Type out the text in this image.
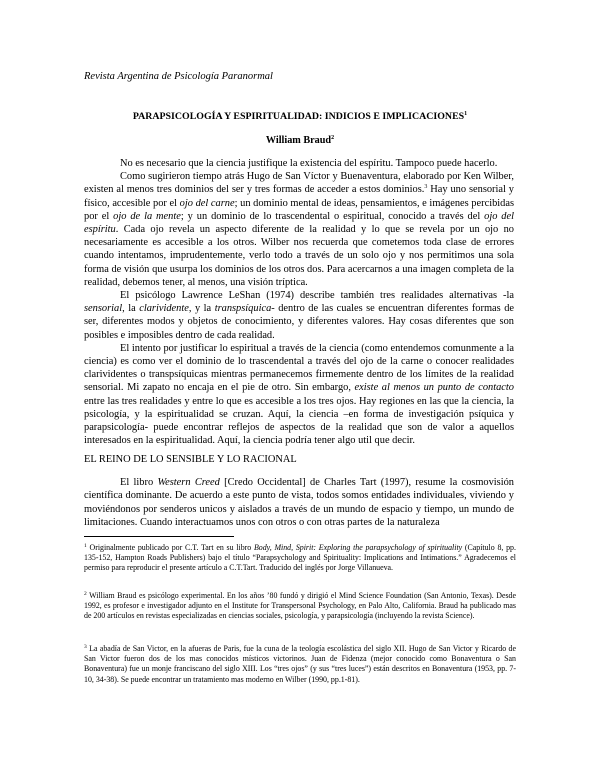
Revista Argentina de Psicología Paranormal
PARAPSICOLOGÍA Y ESPIRITUALIDAD: INDICIOS E IMPLICACIONES$^1$
William Braud$^2$

No es necesario que la ciencia justifique la existencia del espíritu. Tampoco puede hacerlo.

Como sugirieron tiempo atrás Hugo de San Víctor y Buenaventura, elaborado por Ken Wilber, existen al menos tres dominios del ser y tres formas de acceder a estos dominios.$^3$ Hay uno sensorial y físico, accesible por el ojo del carne; un dominio mental de ideas, pensamientos, e imágenes percibidas por el ojo de la mente; y un dominio de lo trascendental o espiritual, conocido a través del ojo del espíritu. Cada ojo revela un aspecto diferente de la realidad y lo que se revela por un ojo no necesariamente es accesible a los otros. Wilber nos recuerda que cometemos toda clase de errores cuando intentamos, imprudentemente, verlo todo a través de un solo ojo y nos permitimos una sola forma de visión que usurpa los dominios de los otros dos. Para acercarnos a una imagen completa de la realidad, debemos tener, al menos, una visión tríptica.

El psicólogo Lawrence LeShan (1974) describe también tres realidades alternativas -la sensorial, la clarividente, y la transpsíquica- dentro de las cuales se encuentran diferentes formas de ser, diferentes modos y objetos de conocimiento, y diferentes valores. Hay cosas diferentes que son posibles e imposibles dentro de cada realidad.

El intento por justificar lo espiritual a través de la ciencia (como entendemos comunmente a la ciencia) es como ver el dominio de lo trascendental a través del ojo de la carne o conocer realidades clarividentes o transpsíquicas mientras permanecemos firmemente dentro de los límites de la realidad sensorial. Mi zapato no encaja en el pie de otro. Sin embargo, existe al menos un punto de contacto entre las tres realidades y entre lo que es accesible a los tres ojos. Hay regiones en las que la ciencia, la psicología, y la espiritualidad se cruzan. Aquí, la ciencia –en forma de investigación psíquica y parapsicología- puede encontrar reflejos de aspectos de la realidad que son de valor a aquellos interesados en la espiritualidad. Aquí, la ciencia podría tener algo util que decir.

EL REINO DE LO SENSIBLE Y LO RACIONAL

El libro Western Creed [Credo Occidental] de Charles Tart (1997), resume la cosmovisión científica dominante. De acuerdo a este punto de vista, todos somos entidades individuales, viviendo y moviéndonos por senderos unicos y aislados a través de un mundo de espacio y tiempo, un mundo de limitaciones. Cuando interactuamos unos con otros o con otras partes de la naturaleza

$^1$ Originalmente publicado por C.T. Tart en su libro Body, Mind, Spirit: Exploring the parapsychology of spirituality (Capítulo 8, pp. 135-152, Hampton Roads Publishers) bajo el título “Parapsychology and Spirituality: Implications and Intimations.” Agradecemos el permiso para reproducir el presente artículo a C.T.Tart. Traducido del inglés por Jorge Villanueva.
$^2$ William Braud es psicólogo experimental. En los años ’80 fundó y dirigió el Mind Science Foundation (San Antonio, Texas). Desde 1992, es profesor e investigador adjunto en el Institute for Transpersonal Psychology, en Palo Alto, California. Braud ha publicado mas de 200 artículos en revistas especializadas en ciencias sociales, psicología, y parapsicología (incluyendo la revista Science).
$^3$ La abadía de San Victor, en la afueras de Paris, fue la cuna de la teología escolástica del siglo XII. Hugo de San Victor y Ricardo de San Victor fueron dos de los mas conocidos místicos victorinos. Juan de Fidenza (mejor conocido como Bonaventura o San Bonaventura) fue un monje franciscano del siglo XIII. Los “tres ojos” (y sus “tres luces”) están descritos en Bonaventura (1953, pp. 7-10, 34-38). Se puede encontrar un tratamiento mas moderno en Wilber (1990, pp.1-81).
